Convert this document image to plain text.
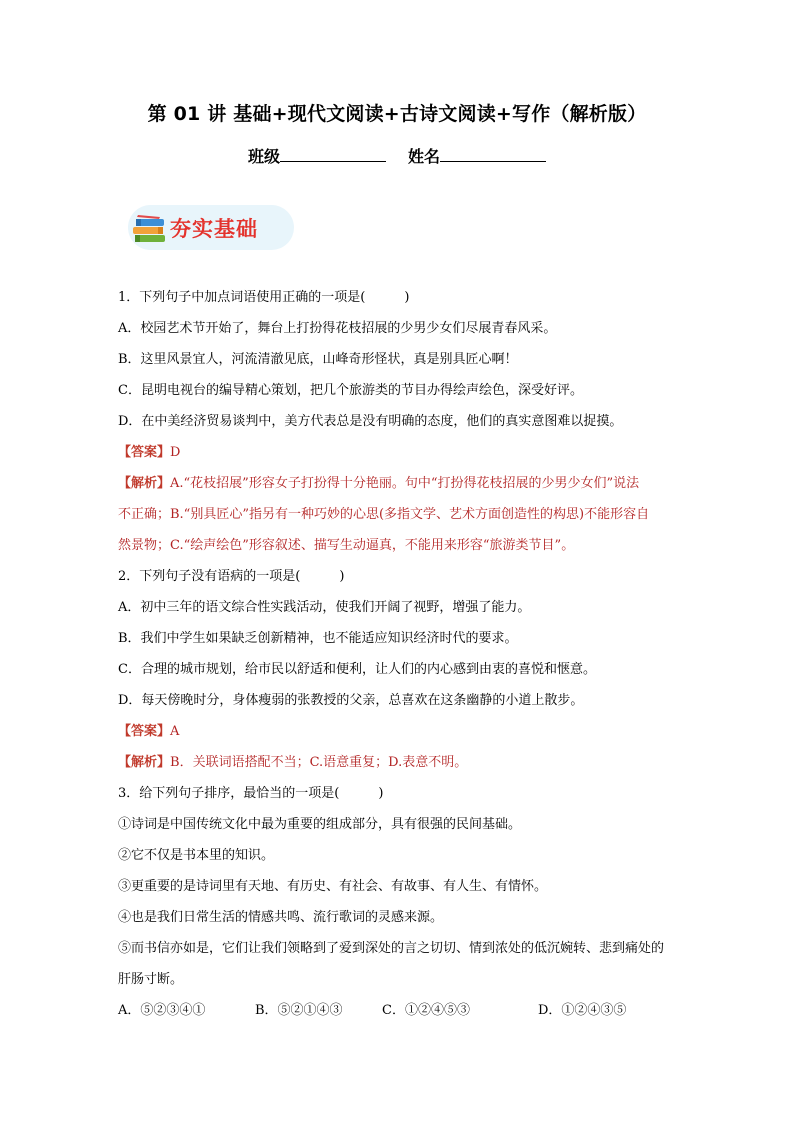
第 01 讲 基础+现代文阅读+古诗文阅读+写作（解析版）
班级	姓名
夯实基础
1．下列句子中加点词语使用正确的一项是(　　　)
A．校园艺术节开始了，舞台上打扮得花枝招展的少男少女们尽展青春风采。
B．这里风景宜人，河流清澈见底，山峰奇形怪状，真是别具匠心啊！
C．昆明电视台的编导精心策划，把几个旅游类的节目办得绘声绘色，深受好评。
D．在中美经济贸易谈判中，美方代表总是没有明确的态度，他们的真实意图难以捉摸。
【答案】D
【解析】A.“花枝招展”形容女子打扮得十分艳丽。句中“打扮得花枝招展的少男少女们”说法
不正确；B.“别具匠心”指另有一种巧妙的心思(多指文学、艺术方面创造性的构思)不能形容自
然景物；C.“绘声绘色”形容叙述、描写生动逼真，不能用来形容“旅游类节目”。
2．下列句子没有语病的一项是(　　　)
A．初中三年的语文综合性实践活动，使我们开阔了视野，增强了能力。
B．我们中学生如果缺乏创新精神，也不能适应知识经济时代的要求。
C．合理的城市规划，给市民以舒适和便利，让人们的内心感到由衷的喜悦和惬意。
D．每天傍晚时分，身体瘦弱的张教授的父亲，总喜欢在这条幽静的小道上散步。
【答案】A
【解析】B．关联词语搭配不当；C.语意重复；D.表意不明。
3．给下列句子排序，最恰当的一项是(　　　)
①诗词是中国传统文化中最为重要的组成部分，具有很强的民间基础。
②它不仅是书本里的知识。
③更重要的是诗词里有天地、有历史、有社会、有故事、有人生、有情怀。
④也是我们日常生活的情感共鸣、流行歌词的灵感来源。
⑤而书信亦如是，它们让我们领略到了爱到深处的言之切切、情到浓处的低沉婉转、悲到痛处的
肝肠寸断。
A．⑤②③④①	B．⑤②①④③	C．①②④⑤③	D．①②④③⑤
